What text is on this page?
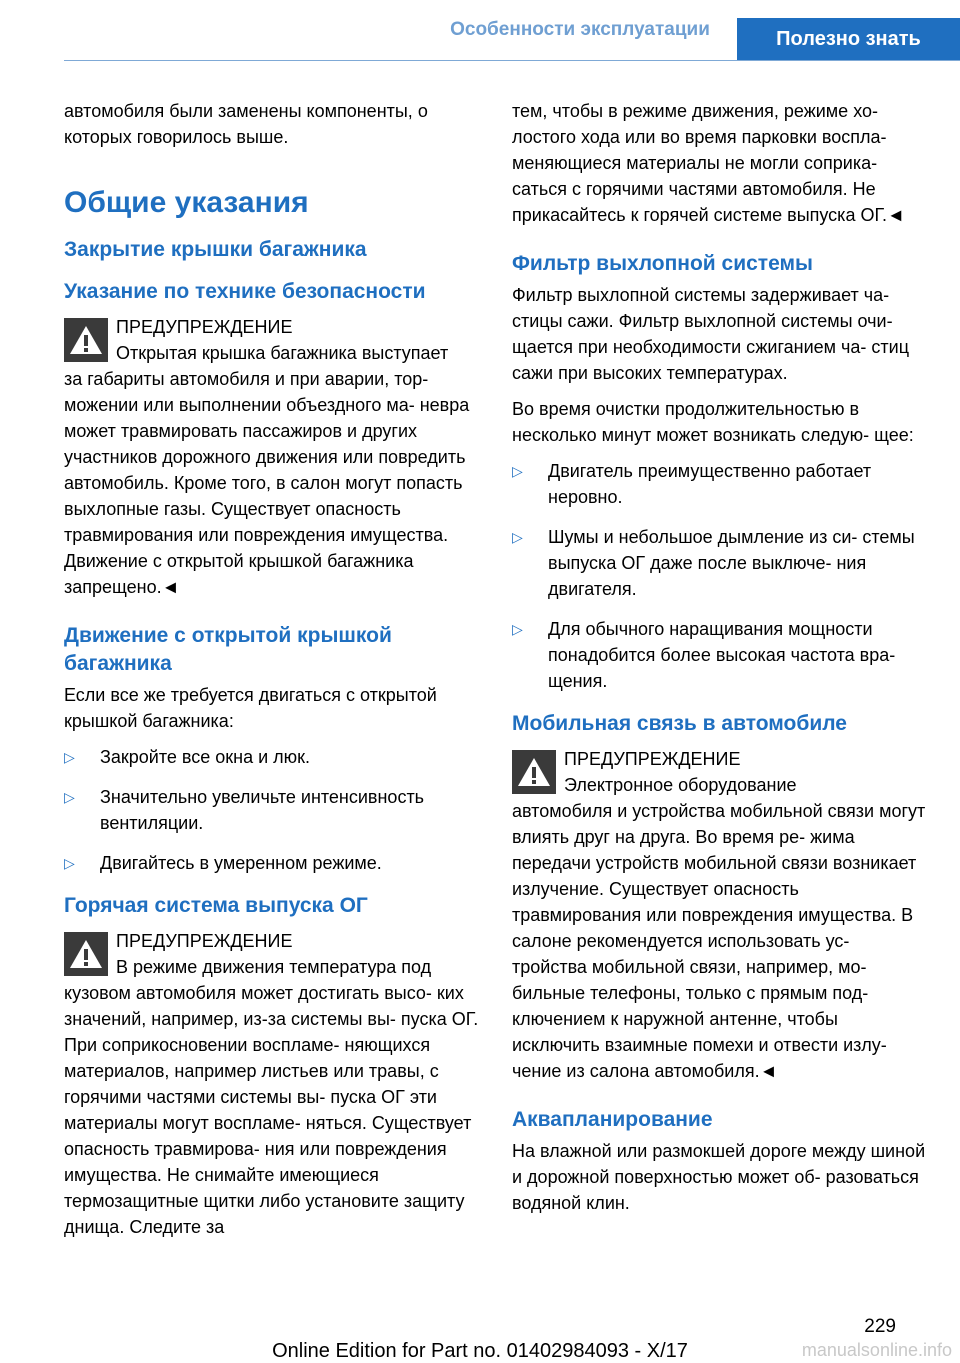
Особенности эксплуатации	Полезно знать

автомобиля были заменены компоненты, о которых говорилось выше.

Общие указания
Закрытие крышки багажника
Указание по технике безопасности

ПРЕДУПРЕЖДЕНИЕ

Открытая крышка багажника выступает

за габариты автомобиля и при аварии, тор- можении или выполнении объездного ма- невра может травмировать пассажиров и других участников дорожного движения или повредить автомобиль. Кроме того, в салон могут попасть выхлопные газы. Существует опасность травмирования или повреждения имущества. Движение с открытой крышкой багажника запрещено.◄

Движение с открытой крышкой багажника

Если все же требуется двигаться с открытой крышкой багажника:

▷	Закройте все окна и люк.
▷	Значительно увеличьте интенсивность вентиляции.
▷	Двигайтесь в умеренном режиме.
Горячая система выпуска ОГ

ПРЕДУПРЕЖДЕНИЕ

В режиме движения температура под

кузовом автомобиля может достигать высо- ких значений, например, из-за системы вы- пуска ОГ. При соприкосновении воспламе- няющихся материалов, например листьев или травы, с горячими частями системы вы- пуска ОГ эти материалы могут воспламе- няться. Существует опасность травмирова- ния или повреждения имущества. Не снимайте имеющиеся термозащитные щитки либо установите защиту днища. Следите за

тем, чтобы в режиме движения, режиме хо- лостого хода или во время парковки воспла- меняющиеся материалы не могли соприка- саться с горячими частями автомобиля. Не прикасайтесь к горячей системе выпуска ОГ.◄

Фильтр выхлопной системы

Фильтр выхлопной системы задерживает ча- стицы сажи. Фильтр выхлопной системы очи- щается при необходимости сжиганием ча- стиц сажи при высоких температурах.

Во время очистки продолжительностью в несколько минут может возникать следую- щее:

▷	Двигатель преимущественно работает неровно.
▷	Шумы и небольшое дымление из си- стемы выпуска ОГ даже после выключе- ния двигателя.
▷	Для обычного наращивания мощности понадобится более высокая частота вра- щения.
Мобильная связь в автомобиле

ПРЕДУПРЕЖДЕНИЕ

Электронное оборудование

автомобиля и устройства мобильной связи могут влиять друг на друга. Во время ре- жима передачи устройств мобильной связи возникает излучение. Существует опасность травмирования или повреждения имущества. В салоне рекомендуется использовать ус- тройства мобильной связи, например, мо- бильные телефоны, только с прямым под- ключением к наружной антенне, чтобы исключить взаимные помехи и отвести излу- чение из салона автомобиля.◄

Аквапланирование

На влажной или размокшей дороге между шиной и дорожной поверхностью может об- разоваться водяной клин.

229
Online Edition for Part no. 01402984093 - X/17	manualsonline.info
